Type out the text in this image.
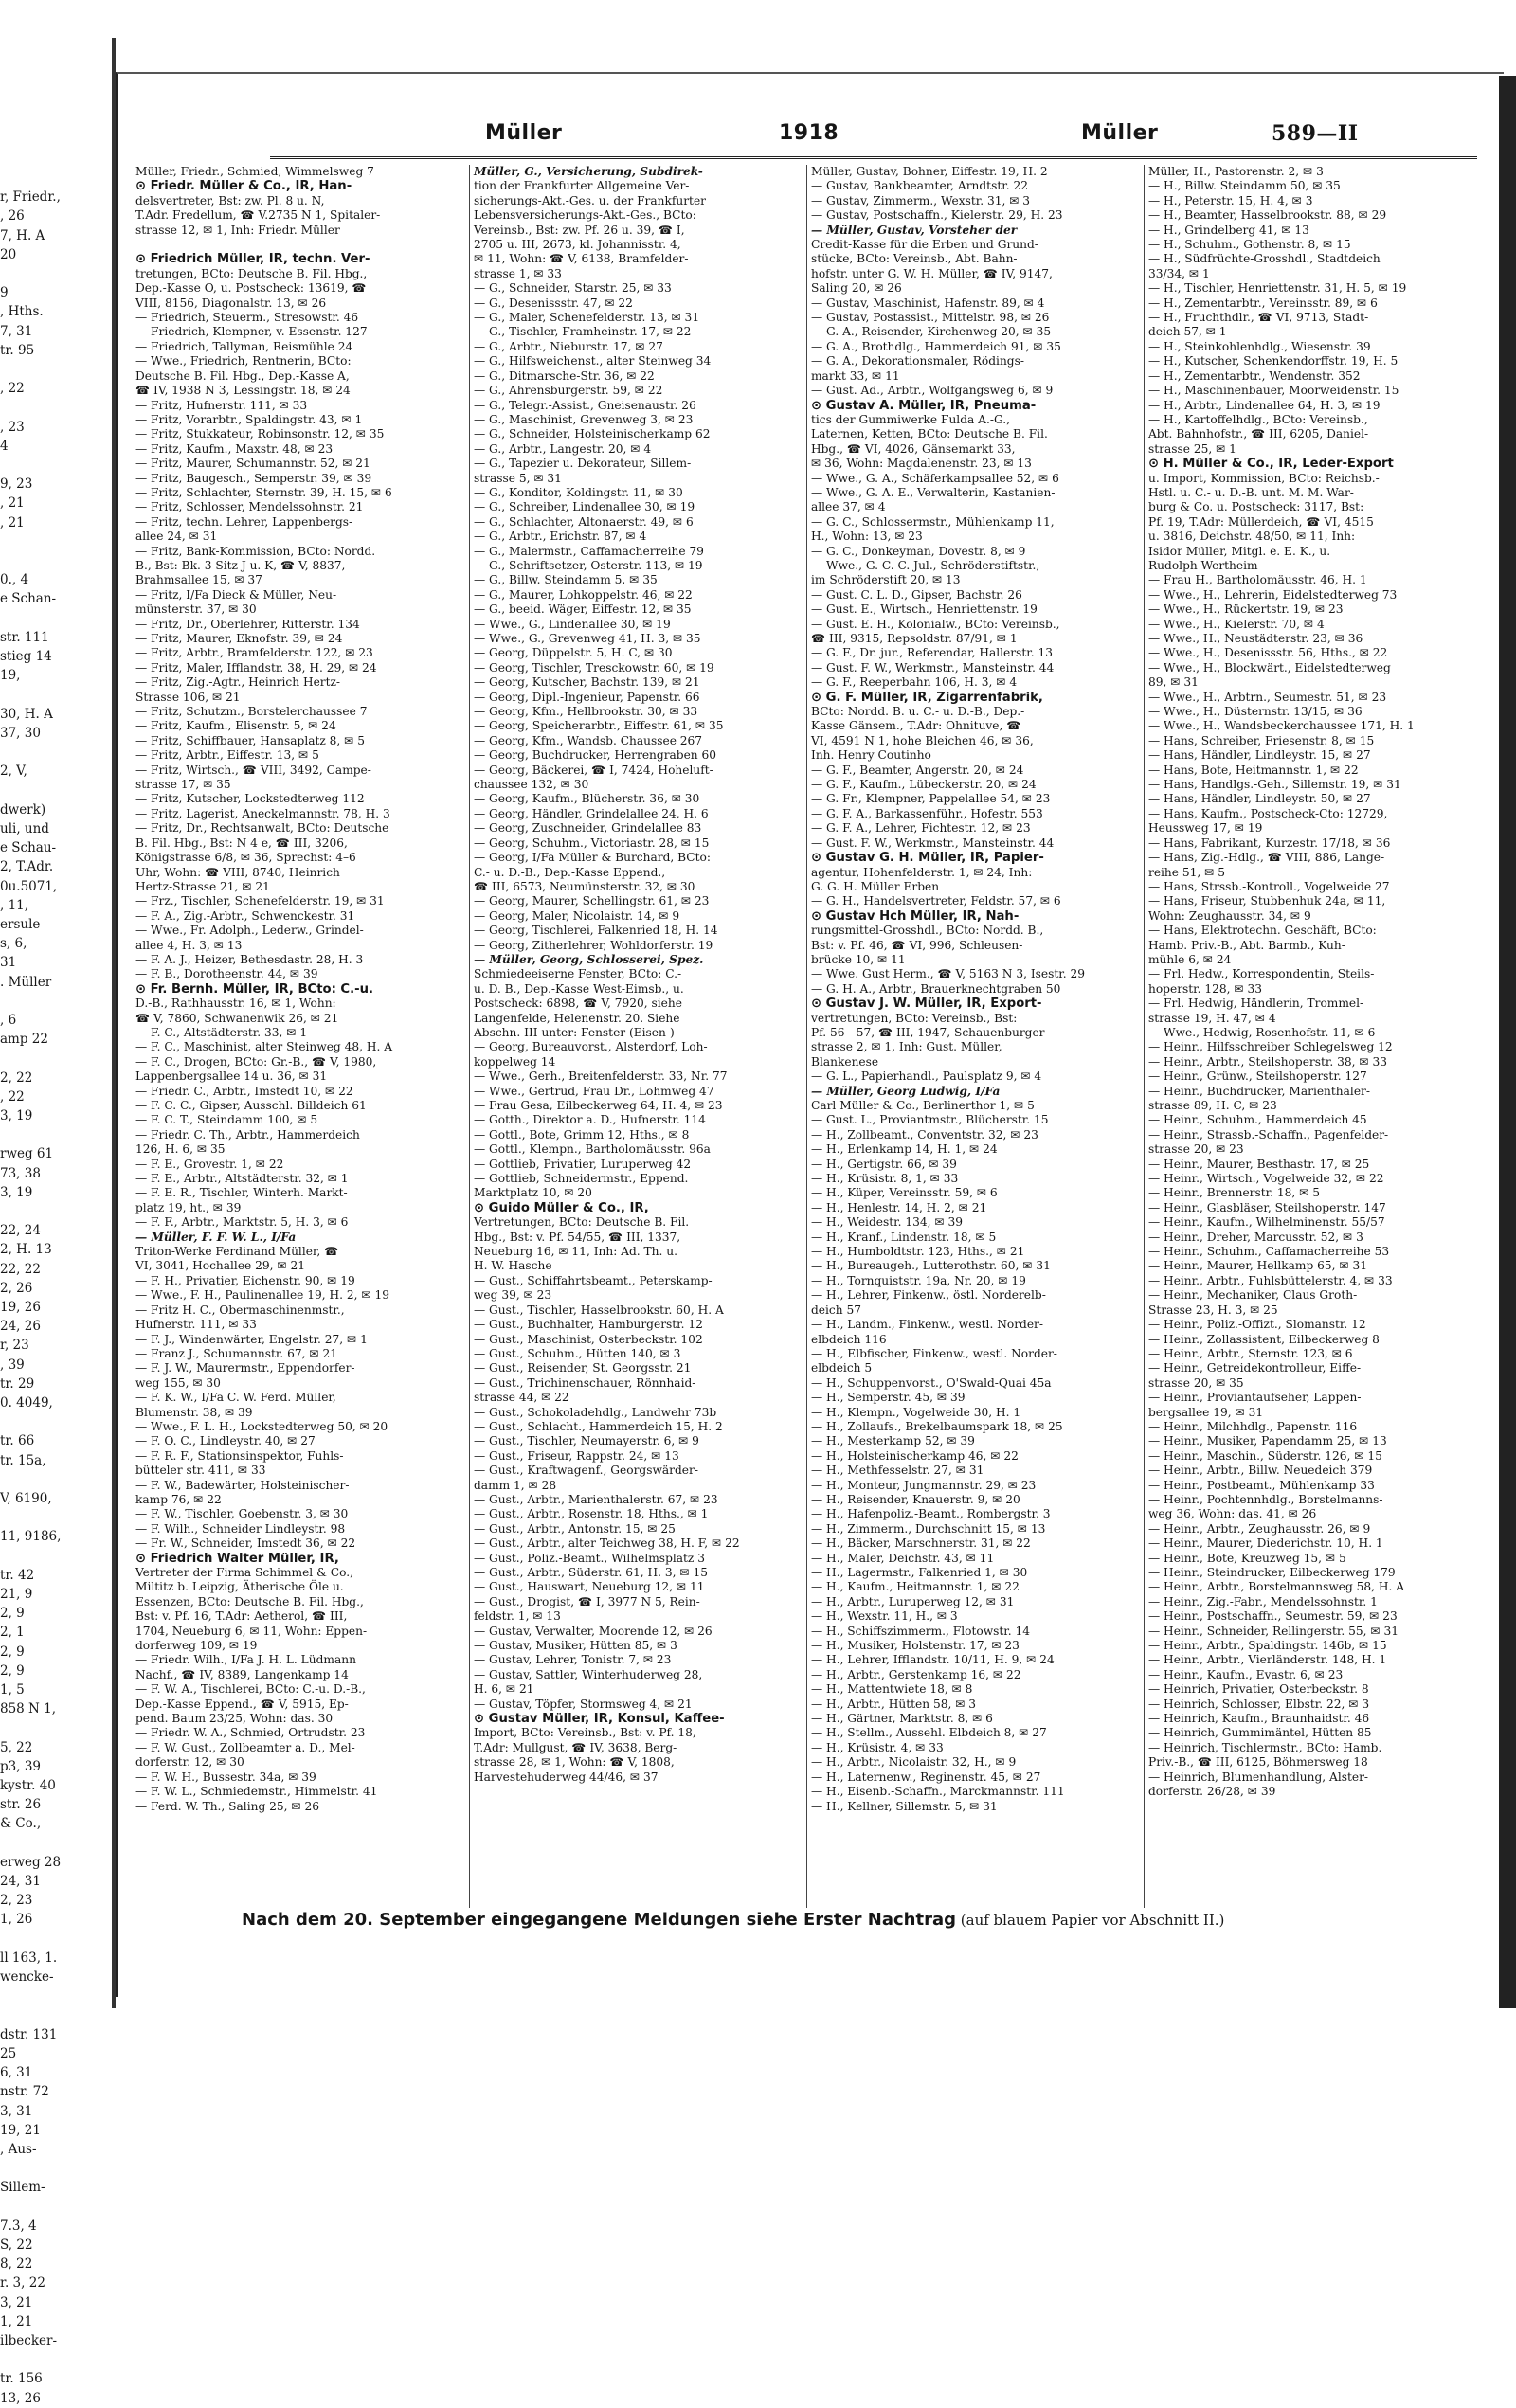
r, Friedr.,
, 26
7, H. A
20

9
, Hths.
7, 31
tr. 95

, 22

, 23
4

9, 23
, 21
, 21

0., 4
e Schan-

str. 111
stieg 14
19,

30, H. A
37, 30

2, V,

dwerk)
uli, und
e Schau-
2, T.Adr.
0u.5071,
, 11,
ersule
s, 6,
31
. Müller

, 6
amp 22

2, 22
, 22
3, 19

rweg 61
73, 38
3, 19

22, 24
2, H. 13
22, 22
2, 26
19, 26
24, 26
r, 23
, 39
tr. 29
0. 4049,

tr. 66
tr. 15a,

V, 6190,

11, 9186,

tr. 42
21, 9
2, 9
2, 1
2, 9
2, 9
1, 5
858 N 1,

5, 22
p3, 39
kystr. 40
str. 26
& Co.,

erweg 28
24, 31
2, 23
1, 26

ll 163, 1.
wencke-

dstr. 131
25
6, 31
nstr. 72
3, 31
19, 21
, Aus-

Sillem-

7.3, 4
S, 22
8, 22
r. 3, 22
3, 21
1, 21
ilbecker-

tr. 156
13, 26
Müller	1918	Müller	589—II
Müller, Friedr., Schmied, Wimmelsweg 7
⊙ Friedr. Müller & Co., IR, Han-
delsvertreter, Bst: zw. Pl. 8 u. N,
T.Adr. Fredellum, ☎ V.2735 N 1, Spitaler-
strasse 12, ✉ 1, Inh: Friedr. Müller

⊙ Friedrich Müller, IR, techn. Ver-
tretungen, BCto: Deutsche B. Fil. Hbg.,
Dep.-Kasse O, u. Postscheck: 13619, ☎
VIII, 8156, Diagonalstr. 13, ✉ 26
— Friedrich, Steuerm., Stresowstr. 46
— Friedrich, Klempner, v. Essenstr. 127
— Friedrich, Tallyman, Reismühle 24
— Wwe., Friedrich, Rentnerin, BCto:
Deutsche B. Fil. Hbg., Dep.-Kasse A,
☎ IV, 1938 N 3, Lessingstr. 18, ✉ 24
— Fritz, Hufnerstr. 111, ✉ 33
— Fritz, Vorarbtr., Spaldingstr. 43, ✉ 1
— Fritz, Stukkateur, Robinsonstr. 12, ✉ 35
— Fritz, Kaufm., Maxstr. 48, ✉ 23
— Fritz, Maurer, Schumannstr. 52, ✉ 21
— Fritz, Baugesch., Semperstr. 39, ✉ 39
— Fritz, Schlachter, Sternstr. 39, H. 15, ✉ 6
— Fritz, Schlosser, Mendelssohnstr. 21
— Fritz, techn. Lehrer, Lappenbergs-
allee 24, ✉ 31
— Fritz, Bank-Kommission, BCto: Nordd.
B., Bst: Bk. 3 Sitz J u. K, ☎ V, 8837,
Brahmsallee 15, ✉ 37
— Fritz, I/Fa Dieck & Müller, Neu-
münsterstr. 37, ✉ 30
— Fritz, Dr., Oberlehrer, Ritterstr. 134
— Fritz, Maurer, Eknofstr. 39, ✉ 24
— Fritz, Arbtr., Bramfelderstr. 122, ✉ 23
— Fritz, Maler, Ifflandstr. 38, H. 29, ✉ 24
— Fritz, Zig.-Agtr., Heinrich Hertz-
Strasse 106, ✉ 21
— Fritz, Schutzm., Borstelerchaussee 7
— Fritz, Kaufm., Elisenstr. 5, ✉ 24
— Fritz, Schiffbauer, Hansaplatz 8, ✉ 5
— Fritz, Arbtr., Eiffestr. 13, ✉ 5
— Fritz, Wirtsch., ☎ VIII, 3492, Campe-
strasse 17, ✉ 35
— Fritz, Kutscher, Lockstedterweg 112
— Fritz, Lagerist, Aneckelmannstr. 78, H. 3
— Fritz, Dr., Rechtsanwalt, BCto: Deutsche
B. Fil. Hbg., Bst: N 4 e, ☎ III, 3206,
Königstrasse 6/8, ✉ 36, Sprechst: 4–6
Uhr, Wohn: ☎ VIII, 8740, Heinrich
Hertz-Strasse 21, ✉ 21
— Frz., Tischler, Schenefelderstr. 19, ✉ 31
— F. A., Zig.-Arbtr., Schwenckestr. 31
— Wwe., Fr. Adolph., Lederw., Grindel-
allee 4, H. 3, ✉ 13
— F. A. J., Heizer, Bethesdastr. 28, H. 3
— F. B., Dorotheenstr. 44, ✉ 39
⊙ Fr. Bernh. Müller, IR, BCto: C.-u.
D.-B., Rathhausstr. 16, ✉ 1, Wohn:
☎ V, 7860, Schwanenwik 26, ✉ 21
— F. C., Altstädterstr. 33, ✉ 1
— F. C., Maschinist, alter Steinweg 48, H. A
— F. C., Drogen, BCto: Gr.-B., ☎ V, 1980,
Lappenbergsallee 14 u. 36, ✉ 31
— Friedr. C., Arbtr., Imstedt 10, ✉ 22
— F. C. C., Gipser, Ausschl. Billdeich 61
— F. C. T., Steindamm 100, ✉ 5
— Friedr. C. Th., Arbtr., Hammerdeich
126, H. 6, ✉ 35
— F. E., Grovestr. 1, ✉ 22
— F. E., Arbtr., Altstädterstr. 32, ✉ 1
— F. E. R., Tischler, Winterh. Markt-
platz 19, ht., ✉ 39
— F. F., Arbtr., Marktstr. 5, H. 3, ✉ 6
— Müller, F. F. W. L., I/Fa
Triton-Werke Ferdinand Müller, ☎
VI, 3041, Hochallee 29, ✉ 21
— F. H., Privatier, Eichenstr. 90, ✉ 19
— Wwe., F. H., Paulinenallee 19, H. 2, ✉ 19
— Fritz H. C., Obermaschinenmstr.,
Hufnerstr. 111, ✉ 33
— F. J., Windenwärter, Engelstr. 27, ✉ 1
— Franz J., Schumannstr. 67, ✉ 21
— F. J. W., Maurermstr., Eppendorfer-
weg 155, ✉ 30
— F. K. W., I/Fa C. W. Ferd. Müller,
Blumenstr. 38, ✉ 39
— Wwe., F. L. H., Lockstedterweg 50, ✉ 20
— F. O. C., Lindleystr. 40, ✉ 27
— F. R. F., Stationsinspektor, Fuhls-
bütteler str. 411, ✉ 33
— F. W., Badewärter, Holsteinischer-
kamp 76, ✉ 22
— F. W., Tischler, Goebenstr. 3, ✉ 30
— F. Wilh., Schneider Lindleystr. 98
— Fr. W., Schneider, Imstedt 36, ✉ 22
⊙ Friedrich Walter Müller, IR,
Vertreter der Firma Schimmel & Co.,
Miltitz b. Leipzig, Ätherische Öle u.
Essenzen, BCto: Deutsche B. Fil. Hbg.,
Bst: v. Pf. 16, T.Adr: Aetherol, ☎ III,
1704, Neueburg 6, ✉ 11, Wohn: Eppen-
dorferweg 109, ✉ 19
— Friedr. Wilh., I/Fa J. H. L. Lüdmann
Nachf., ☎ IV, 8389, Langenkamp 14
— F. W. A., Tischlerei, BCto: C.-u. D.-B.,
Dep.-Kasse Eppend., ☎ V, 5915, Ep-
pend. Baum 23/25, Wohn: das. 30
— Friedr. W. A., Schmied, Ortrudstr. 23
— F. W. Gust., Zollbeamter a. D., Mel-
dorferstr. 12, ✉ 30
— F. W. H., Bussestr. 34a, ✉ 39
— F. W. L., Schmiedemstr., Himmelstr. 41
— Ferd. W. Th., Saling 25, ✉ 26
Müller, G., Versicherung, Subdirek-
tion der Frankfurter Allgemeine Ver-
sicherungs-Akt.-Ges. u. der Frankfurter
Lebensversicherungs-Akt.-Ges., BCto:
Vereinsb., Bst: zw. Pf. 26 u. 39, ☎ I,
2705 u. III, 2673, kl. Johannisstr. 4,
✉ 11, Wohn: ☎ V, 6138, Bramfelder-
strasse 1, ✉ 33
— G., Schneider, Starstr. 25, ✉ 33
— G., Desenissstr. 47, ✉ 22
— G., Maler, Schenefelderstr. 13, ✉ 31
— G., Tischler, Framheinstr. 17, ✉ 22
— G., Arbtr., Nieburstr. 17, ✉ 27
— G., Hilfsweichenst., alter Steinweg 34
— G., Ditmarsche-Str. 36, ✉ 22
— G., Ahrensburgerstr. 59, ✉ 22
— G., Telegr.-Assist., Gneisenaustr. 26
— G., Maschinist, Grevenweg 3, ✉ 23
— G., Schneider, Holsteinischerkamp 62
— G., Arbtr., Langestr. 20, ✉ 4
— G., Tapezier u. Dekorateur, Sillem-
strasse 5, ✉ 31
— G., Konditor, Koldingstr. 11, ✉ 30
— G., Schreiber, Lindenallee 30, ✉ 19
— G., Schlachter, Altonaerstr. 49, ✉ 6
— G., Arbtr., Erichstr. 87, ✉ 4
— G., Malermstr., Caffamacherreihe 79
— G., Schriftsetzer, Osterstr. 113, ✉ 19
— G., Billw. Steindamm 5, ✉ 35
— G., Maurer, Lohkoppelstr. 46, ✉ 22
— G., beeid. Wäger, Eiffestr. 12, ✉ 35
— Wwe., G., Lindenallee 30, ✉ 19
— Wwe., G., Grevenweg 41, H. 3, ✉ 35
— Georg, Düppelstr. 5, H. C, ✉ 30
— Georg, Tischler, Tresckowstr. 60, ✉ 19
— Georg, Kutscher, Bachstr. 139, ✉ 21
— Georg, Dipl.-Ingenieur, Papenstr. 66
— Georg, Kfm., Hellbrookstr. 30, ✉ 33
— Georg, Speicherarbtr., Eiffestr. 61, ✉ 35
— Georg, Kfm., Wandsb. Chaussee 267
— Georg, Buchdrucker, Herrengraben 60
— Georg, Bäckerei, ☎ I, 7424, Hoheluft-
chaussee 132, ✉ 30
— Georg, Kaufm., Blücherstr. 36, ✉ 30
— Georg, Händler, Grindelallee 24, H. 6
— Georg, Zuschneider, Grindelallee 83
— Georg, Schuhm., Victoriastr. 28, ✉ 15
— Georg, I/Fa Müller & Burchard, BCto:
C.- u. D.-B., Dep.-Kasse Eppend.,
☎ III, 6573, Neumünsterstr. 32, ✉ 30
— Georg, Maurer, Schellingstr. 61, ✉ 23
— Georg, Maler, Nicolaistr. 14, ✉ 9
— Georg, Tischlerei, Falkenried 18, H. 14
— Georg, Zitherlehrer, Wohldorferstr. 19
— Müller, Georg, Schlosserei, Spez.
Schmiedeeiserne Fenster, BCto: C.-
u. D. B., Dep.-Kasse West-Eimsb., u.
Postscheck: 6898, ☎ V, 7920, siehe
Langenfelde, Helenenstr. 20. Siehe
Abschn. III unter: Fenster (Eisen-)
— Georg, Bureauvorst., Alsterdorf, Loh-
koppelweg 14
— Wwe., Gerh., Breitenfelderstr. 33, Nr. 77
— Wwe., Gertrud, Frau Dr., Lohmweg 47
— Frau Gesa, Eilbeckerweg 64, H. 4, ✉ 23
— Gotth., Direktor a. D., Hufnerstr. 114
— Gottl., Bote, Grimm 12, Hths., ✉ 8
— Gottl., Klempn., Bartholomäusstr. 96a
— Gottlieb, Privatier, Luruperweg 42
— Gottlieb, Schneidermstr., Eppend.
Marktplatz 10, ✉ 20
⊙ Guido Müller & Co., IR,
Vertretungen, BCto: Deutsche B. Fil.
Hbg., Bst: v. Pf. 54/55, ☎ III, 1337,
Neueburg 16, ✉ 11, Inh: Ad. Th. u.
H. W. Hasche
— Gust., Schiffahrtsbeamt., Peterskamp-
weg 39, ✉ 23
— Gust., Tischler, Hasselbrookstr. 60, H. A
— Gust., Buchhalter, Hamburgerstr. 12
— Gust., Maschinist, Osterbeckstr. 102
— Gust., Schuhm., Hütten 140, ✉ 3
— Gust., Reisender, St. Georgsstr. 21
— Gust., Trichinenschauer, Rönnhaid-
strasse 44, ✉ 22
— Gust., Schokoladehdlg., Landwehr 73b
— Gust., Schlacht., Hammerdeich 15, H. 2
— Gust., Tischler, Neumayerstr. 6, ✉ 9
— Gust., Friseur, Rappstr. 24, ✉ 13
— Gust., Kraftwagenf., Georgswärder-
damm 1, ✉ 28
— Gust., Arbtr., Marienthalerstr. 67, ✉ 23
— Gust., Arbtr., Rosenstr. 18, Hths., ✉ 1
— Gust., Arbtr., Antonstr. 15, ✉ 25
— Gust., Arbtr., alter Teichweg 38, H. F, ✉ 22
— Gust., Poliz.-Beamt., Wilhelmsplatz 3
— Gust., Arbtr., Süderstr. 61, H. 3, ✉ 15
— Gust., Hauswart, Neueburg 12, ✉ 11
— Gust., Drogist, ☎ I, 3977 N 5, Rein-
feldstr. 1, ✉ 13
— Gustav, Verwalter, Moorende 12, ✉ 26
— Gustav, Musiker, Hütten 85, ✉ 3
— Gustav, Lehrer, Tonistr. 7, ✉ 23
— Gustav, Sattler, Winterhuderweg 28,
H. 6, ✉ 21
— Gustav, Töpfer, Stormsweg 4, ✉ 21
⊙ Gustav Müller, IR, Konsul, Kaffee-
Import, BCto: Vereinsb., Bst: v. Pf. 18,
T.Adr: Mullgust, ☎ IV, 3638, Berg-
strasse 28, ✉ 1, Wohn: ☎ V, 1808,
Harvestehuderweg 44/46, ✉ 37
Müller, Gustav, Bohner, Eiffestr. 19, H. 2
— Gustav, Bankbeamter, Arndtstr. 22
— Gustav, Zimmerm., Wexstr. 31, ✉ 3
— Gustav, Postschaffn., Kielerstr. 29, H. 23
— Müller, Gustav, Vorsteher der
Credit-Kasse für die Erben und Grund-
stücke, BCto: Vereinsb., Abt. Bahn-
hofstr. unter G. W. H. Müller, ☎ IV, 9147,
Saling 20, ✉ 26
— Gustav, Maschinist, Hafenstr. 89, ✉ 4
— Gustav, Postassist., Mittelstr. 98, ✉ 26
— G. A., Reisender, Kirchenweg 20, ✉ 35
— G. A., Brothdlg., Hammerdeich 91, ✉ 35
— G. A., Dekorationsmaler, Rödings-
markt 33, ✉ 11
— Gust. Ad., Arbtr., Wolfgangsweg 6, ✉ 9
⊙ Gustav A. Müller, IR, Pneuma-
tics der Gummiwerke Fulda A.-G.,
Laternen, Ketten, BCto: Deutsche B. Fil.
Hbg., ☎ VI, 4026, Gänsemarkt 33,
✉ 36, Wohn: Magdalenenstr. 23, ✉ 13
— Wwe., G. A., Schäferkampsallee 52, ✉ 6
— Wwe., G. A. E., Verwalterin, Kastanien-
allee 37, ✉ 4
— G. C., Schlossermstr., Mühlenkamp 11,
H., Wohn: 13, ✉ 23
— G. C., Donkeyman, Dovestr. 8, ✉ 9
— Wwe., G. C. C. Jul., Schröderstiftstr.,
im Schröderstift 20, ✉ 13
— Gust. C. L. D., Gipser, Bachstr. 26
— Gust. E., Wirtsch., Henriettenstr. 19
— Gust. E. H., Kolonialw., BCto: Vereinsb.,
☎ III, 9315, Repsoldstr. 87/91, ✉ 1
— G. F., Dr. jur., Referendar, Hallerstr. 13
— Gust. F. W., Werkmstr., Mansteinstr. 44
— G. F., Reeperbahn 106, H. 3, ✉ 4
⊙ G. F. Müller, IR, Zigarrenfabrik,
BCto: Nordd. B. u. C.- u. D.-B., Dep.-
Kasse Gänsem., T.Adr: Ohnituve, ☎
VI, 4591 N 1, hohe Bleichen 46, ✉ 36,
Inh. Henry Coutinho
— G. F., Beamter, Angerstr. 20, ✉ 24
— G. F., Kaufm., Lübeckerstr. 20, ✉ 24
— G. Fr., Klempner, Pappelallee 54, ✉ 23
— G. F. A., Barkassenführ., Hofestr. 553
— G. F. A., Lehrer, Fichtestr. 12, ✉ 23
— Gust. F. W., Werkmstr., Mansteinstr. 44
⊙ Gustav G. H. Müller, IR, Papier-
agentur, Hohenfelderstr. 1, ✉ 24, Inh:
G. G. H. Müller Erben
— G. H., Handelsvertreter, Feldstr. 57, ✉ 6
⊙ Gustav Hch Müller, IR, Nah-
rungsmittel-Grosshdl., BCto: Nordd. B.,
Bst: v. Pf. 46, ☎ VI, 996, Schleusen-
brücke 10, ✉ 11
— Wwe. Gust Herm., ☎ V, 5163 N 3, Isestr. 29
— G. H. A., Arbtr., Brauerknechtgraben 50
⊙ Gustav J. W. Müller, IR, Export-
vertretungen, BCto: Vereinsb., Bst:
Pf. 56—57, ☎ III, 1947, Schauenburger-
strasse 2, ✉ 1, Inh: Gust. Müller,
Blankenese
— G. L., Papierhandl., Paulsplatz 9, ✉ 4
— Müller, Georg Ludwig, I/Fa
Carl Müller & Co., Berlinerthor 1, ✉ 5
— Gust. L., Proviantmstr., Blücherstr. 15
— H., Zollbeamt., Conventstr. 32, ✉ 23
— H., Erlenkamp 14, H. 1, ✉ 24
— H., Gertigstr. 66, ✉ 39
— H., Krüsistr. 8, 1, ✉ 33
— H., Küper, Vereinsstr. 59, ✉ 6
— H., Henlestr. 14, H. 2, ✉ 21
— H., Weidestr. 134, ✉ 39
— H., Kranf., Lindenstr. 18, ✉ 5
— H., Humboldtstr. 123, Hths., ✉ 21
— H., Bureaugeh., Lutterothstr. 60, ✉ 31
— H., Tornquiststr. 19a, Nr. 20, ✉ 19
— H., Lehrer, Finkenw., östl. Norderelb-
deich 57
— H., Landm., Finkenw., westl. Norder-
elbdeich 116
— H., Elbfischer, Finkenw., westl. Norder-
elbdeich 5
— H., Schuppenvorst., O'Swald-Quai 45a
— H., Semperstr. 45, ✉ 39
— H., Klempn., Vogelweide 30, H. 1
— H., Zollaufs., Brekelbaumspark 18, ✉ 25
— H., Mesterkamp 52, ✉ 39
— H., Holsteinischerkamp 46, ✉ 22
— H., Methfesselstr. 27, ✉ 31
— H., Monteur, Jungmannstr. 29, ✉ 23
— H., Reisender, Knauerstr. 9, ✉ 20
— H., Hafenpoliz.-Beamt., Rombergstr. 3
— H., Zimmerm., Durchschnitt 15, ✉ 13
— H., Bäcker, Marschnerstr. 31, ✉ 22
— H., Maler, Deichstr. 43, ✉ 11
— H., Lagermstr., Falkenried 1, ✉ 30
— H., Kaufm., Heitmannstr. 1, ✉ 22
— H., Arbtr., Luruperweg 12, ✉ 31
— H., Wexstr. 11, H., ✉ 3
— H., Schiffszimmerm., Flotowstr. 14
— H., Musiker, Holstenstr. 17, ✉ 23
— H., Lehrer, Ifflandstr. 10/11, H. 9, ✉ 24
— H., Arbtr., Gerstenkamp 16, ✉ 22
— H., Mattentwiete 18, ✉ 8
— H., Arbtr., Hütten 58, ✉ 3
— H., Gärtner, Marktstr. 8, ✉ 6
— H., Stellm., Aussehl. Elbdeich 8, ✉ 27
— H., Krüsistr. 4, ✉ 33
— H., Arbtr., Nicolaistr. 32, H., ✉ 9
— H., Laternenw., Reginenstr. 45, ✉ 27
— H., Eisenb.-Schaffn., Marckmannstr. 111
— H., Kellner, Sillemstr. 5, ✉ 31
Müller, H., Pastorenstr. 2, ✉ 3
— H., Billw. Steindamm 50, ✉ 35
— H., Peterstr. 15, H. 4, ✉ 3
— H., Beamter, Hasselbrookstr. 88, ✉ 29
— H., Grindelberg 41, ✉ 13
— H., Schuhm., Gothenstr. 8, ✉ 15
— H., Südfrüchte-Grosshdl., Stadtdeich
33/34, ✉ 1
— H., Tischler, Henriettenstr. 31, H. 5, ✉ 19
— H., Zementarbtr., Vereinsstr. 89, ✉ 6
— H., Fruchthdlr., ☎ VI, 9713, Stadt-
deich 57, ✉ 1
— H., Steinkohlenhdlg., Wiesenstr. 39
— H., Kutscher, Schenkendorffstr. 19, H. 5
— H., Zementarbtr., Wendenstr. 352
— H., Maschinenbauer, Moorweidenstr. 15
— H., Arbtr., Lindenallee 64, H. 3, ✉ 19
— H., Kartoffelhdlg., BCto: Vereinsb.,
Abt. Bahnhofstr., ☎ III, 6205, Daniel-
strasse 25, ✉ 1
⊙ H. Müller & Co., IR, Leder-Export
u. Import, Kommission, BCto: Reichsb.-
Hstl. u. C.- u. D.-B. unt. M. M. War-
burg & Co. u. Postscheck: 3117, Bst:
Pf. 19, T.Adr: Müllerdeich, ☎ VI, 4515
u. 3816, Deichstr. 48/50, ✉ 11, Inh:
Isidor Müller, Mitgl. e. E. K., u.
Rudolph Wertheim
— Frau H., Bartholomäusstr. 46, H. 1
— Wwe., H., Lehrerin, Eidelstedterweg 73
— Wwe., H., Rückertstr. 19, ✉ 23
— Wwe., H., Kielerstr. 70, ✉ 4
— Wwe., H., Neustädterstr. 23, ✉ 36
— Wwe., H., Desenissstr. 56, Hths., ✉ 22
— Wwe., H., Blockwärt., Eidelstedterweg
89, ✉ 31
— Wwe., H., Arbtrn., Seumestr. 51, ✉ 23
— Wwe., H., Düsternstr. 13/15, ✉ 36
— Wwe., H., Wandsbeckerchaussee 171, H. 1
— Hans, Schreiber, Friesenstr. 8, ✉ 15
— Hans, Händler, Lindleystr. 15, ✉ 27
— Hans, Bote, Heitmannstr. 1, ✉ 22
— Hans, Handlgs.-Geh., Sillemstr. 19, ✉ 31
— Hans, Händler, Lindleystr. 50, ✉ 27
— Hans, Kaufm., Postscheck-Cto: 12729,
Heussweg 17, ✉ 19
— Hans, Fabrikant, Kurzestr. 17/18, ✉ 36
— Hans, Zig.-Hdlg., ☎ VIII, 886, Lange-
reihe 51, ✉ 5
— Hans, Strssb.-Kontroll., Vogelweide 27
— Hans, Friseur, Stubbenhuk 24a, ✉ 11,
Wohn: Zeughausstr. 34, ✉ 9
— Hans, Elektrotechn. Geschäft, BCto:
Hamb. Priv.-B., Abt. Barmb., Kuh-
mühle 6, ✉ 24
— Frl. Hedw., Korrespondentin, Steils-
hoperstr. 128, ✉ 33
— Frl. Hedwig, Händlerin, Trommel-
strasse 19, H. 47, ✉ 4
— Wwe., Hedwig, Rosenhofstr. 11, ✉ 6
— Heinr., Hilfsschreiber Schlegelsweg 12
— Heinr., Arbtr., Steilshoperstr. 38, ✉ 33
— Heinr., Grünw., Steilshoperstr. 127
— Heinr., Buchdrucker, Marienthaler-
strasse 89, H. C, ✉ 23
— Heinr., Schuhm., Hammerdeich 45
— Heinr., Strassb.-Schaffn., Pagenfelder-
strasse 20, ✉ 23
— Heinr., Maurer, Besthastr. 17, ✉ 25
— Heinr., Wirtsch., Vogelweide 32, ✉ 22
— Heinr., Brennerstr. 18, ✉ 5
— Heinr., Glasbläser, Steilshoperstr. 147
— Heinr., Kaufm., Wilhelminenstr. 55/57
— Heinr., Dreher, Marcusstr. 52, ✉ 3
— Heinr., Schuhm., Caffamacherreihe 53
— Heinr., Maurer, Hellkamp 65, ✉ 31
— Heinr., Arbtr., Fuhlsbüttelerstr. 4, ✉ 33
— Heinr., Mechaniker, Claus Groth-
Strasse 23, H. 3, ✉ 25
— Heinr., Poliz.-Offizt., Slomanstr. 12
— Heinr., Zollassistent, Eilbeckerweg 8
— Heinr., Arbtr., Sternstr. 123, ✉ 6
— Heinr., Getreidekontrolleur, Eiffe-
strasse 20, ✉ 35
— Heinr., Proviantaufseher, Lappen-
bergsallee 19, ✉ 31
— Heinr., Milchhdlg., Papenstr. 116
— Heinr., Musiker, Papendamm 25, ✉ 13
— Heinr., Maschin., Süderstr. 126, ✉ 15
— Heinr., Arbtr., Billw. Neuedeich 379
— Heinr., Postbeamt., Mühlenkamp 33
— Heinr., Pochtennhdlg., Borstelmanns-
weg 36, Wohn: das. 41, ✉ 26
— Heinr., Arbtr., Zeughausstr. 26, ✉ 9
— Heinr., Maurer, Diederichstr. 10, H. 1
— Heinr., Bote, Kreuzweg 15, ✉ 5
— Heinr., Steindrucker, Eilbeckerweg 179
— Heinr., Arbtr., Borstelmannsweg 58, H. A
— Heinr., Zig.-Fabr., Mendelssohnstr. 1
— Heinr., Postschaffn., Seumestr. 59, ✉ 23
— Heinr., Schneider, Rellingerstr. 55, ✉ 31
— Heinr., Arbtr., Spaldingstr. 146b, ✉ 15
— Heinr., Arbtr., Vierländerstr. 148, H. 1
— Heinr., Kaufm., Evastr. 6, ✉ 23
— Heinrich, Privatier, Osterbeckstr. 8
— Heinrich, Schlosser, Elbstr. 22, ✉ 3
— Heinrich, Kaufm., Braunhaidstr. 46
— Heinrich, Gummimäntel, Hütten 85
— Heinrich, Tischlermstr., BCto: Hamb.
Priv.-B., ☎ III, 6125, Böhmersweg 18
— Heinrich, Blumenhandlung, Alster-
dorferstr. 26/28, ✉ 39
Nach dem 20. September eingegangene Meldungen siehe Erster Nachtrag (auf blauem Papier vor Abschnitt II.)
